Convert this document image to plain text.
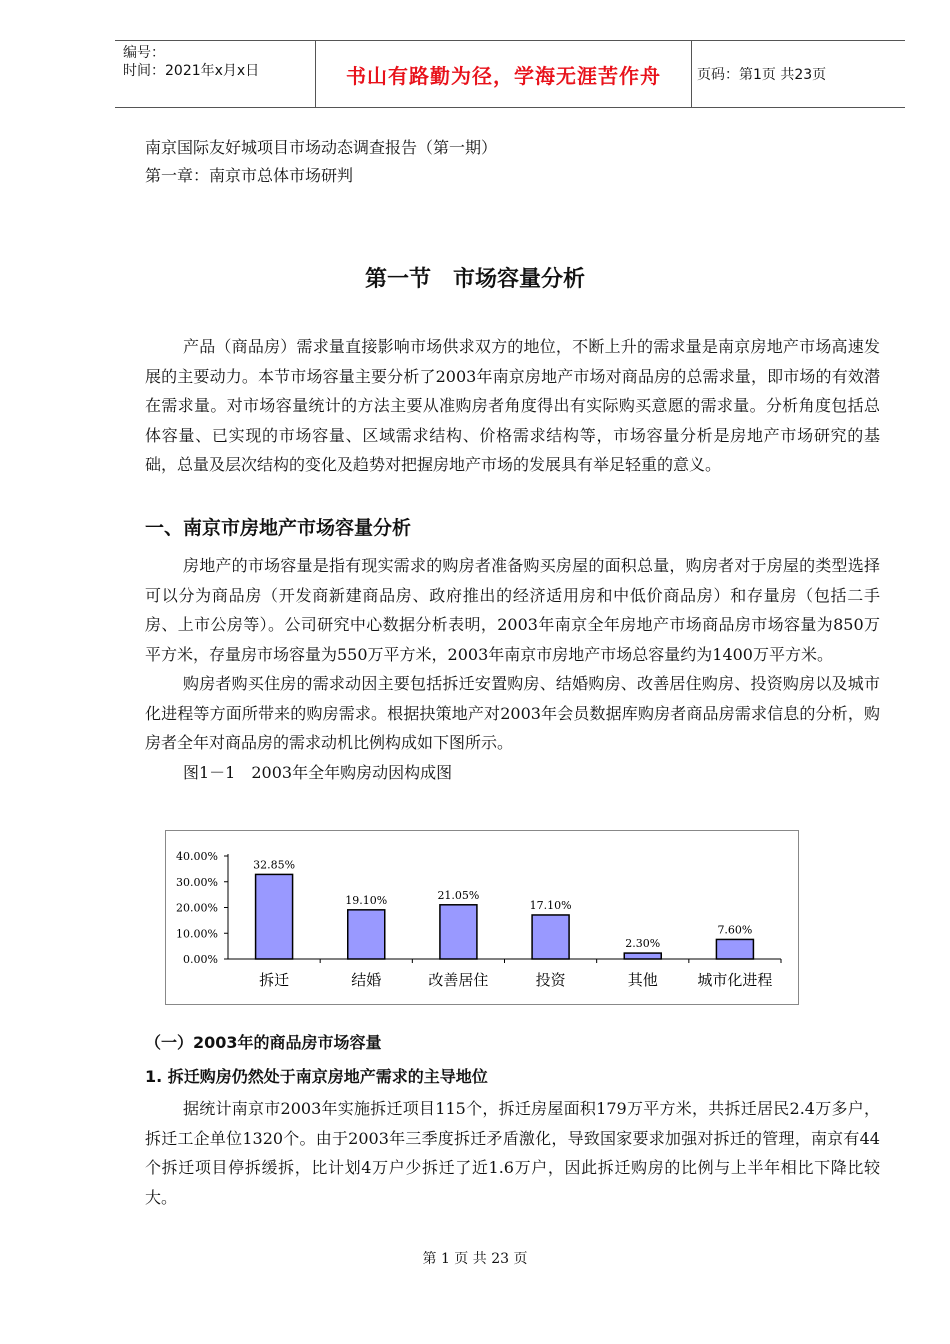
编号：
时间：2021年x月x日	书山有路勤为径，学海无涯苦作舟	页码：第1页 共23页
南京国际友好城项目市场动态调查报告（第一期）
第一章：南京市总体市场研判
第一节　市场容量分析

产品（商品房）需求量直接影响市场供求双方的地位，不断上升的需求量是南京房地产市场高速发展的主要动力。本节市场容量主要分析了2003年南京房地产市场对商品房的总需求量，即市场的有效潜在需求量。对市场容量统计的方法主要从准购房者角度得出有实际购买意愿的需求量。分析角度包括总体容量、已实现的市场容量、区域需求结构、价格需求结构等，市场容量分析是房地产市场研究的基础，总量及层次结构的变化及趋势对把握房地产市场的发展具有举足轻重的意义。

一、南京市房地产市场容量分析

房地产的市场容量是指有现实需求的购房者准备购买房屋的面积总量，购房者对于房屋的类型选择可以分为商品房（开发商新建商品房、政府推出的经济适用房和中低价商品房）和存量房（包括二手房、上市公房等）。公司研究中心数据分析表明，2003年南京全年房地产市场商品房市场容量为850万平方米，存量房市场容量为550万平方米，2003年南京市房地产市场总容量约为1400万平方米。

购房者购买住房的需求动因主要包括拆迁安置购房、结婚购房、改善居住购房、投资购房以及城市化进程等方面所带来的购房需求。根据抉策地产对2003年会员数据库购房者商品房需求信息的分析，购房者全年对商品房的需求动机比例构成如下图所示。

图1－1　2003年全年购房动因构成图

40.00%
30.00%
20.00%
10.00%
0.00%
32.85%
拆迁
19.10%
结婚
21.05%
改善居住
17.10%
投资
2.30%
其他
7.60%
城市化进程
（一）2003年的商品房市场容量
1. 拆迁购房仍然处于南京房地产需求的主导地位

据统计南京市2003年实施拆迁项目115个，拆迁房屋面积179万平方米，共拆迁居民2.4万多户，拆迁工企单位1320个。由于2003年三季度拆迁矛盾激化，导致国家要求加强对拆迁的管理，南京有44个拆迁项目停拆缓拆，比计划4万户少拆迁了近1.6万户，因此拆迁购房的比例与上半年相比下降比较大。

第 1 页 共 23 页
